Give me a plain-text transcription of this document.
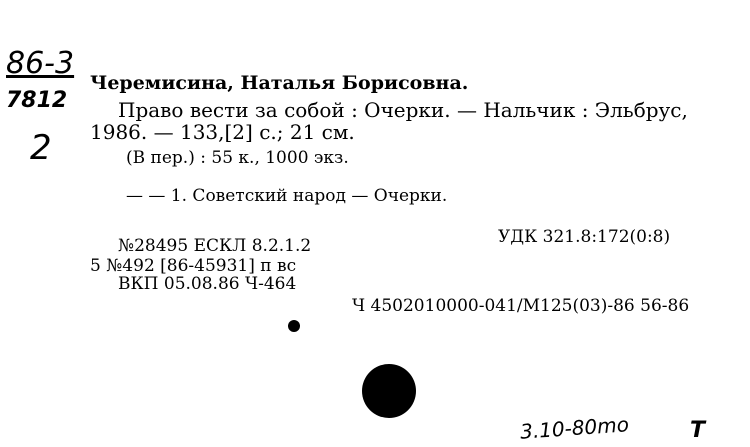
86-3
7812
2
Черемисина, Наталья Борисовна.
Право вести за собой : Очерки. — Нальчик : Эльбрус,
1986. — 133,[2] с.; 21 см.
(В пер.) : 55 к., 1000 экз.
— — 1. Советский народ — Очерки.
УДК 321.8:172(0:8)
№28495 ЕСКЛ 8.2.1.2
5 №492 [86-45931] п вс
ВКП 05.08.86 Ч-464
Ч 4502010000-041/М125(03)-86 56-86
3.10-80mo	T
